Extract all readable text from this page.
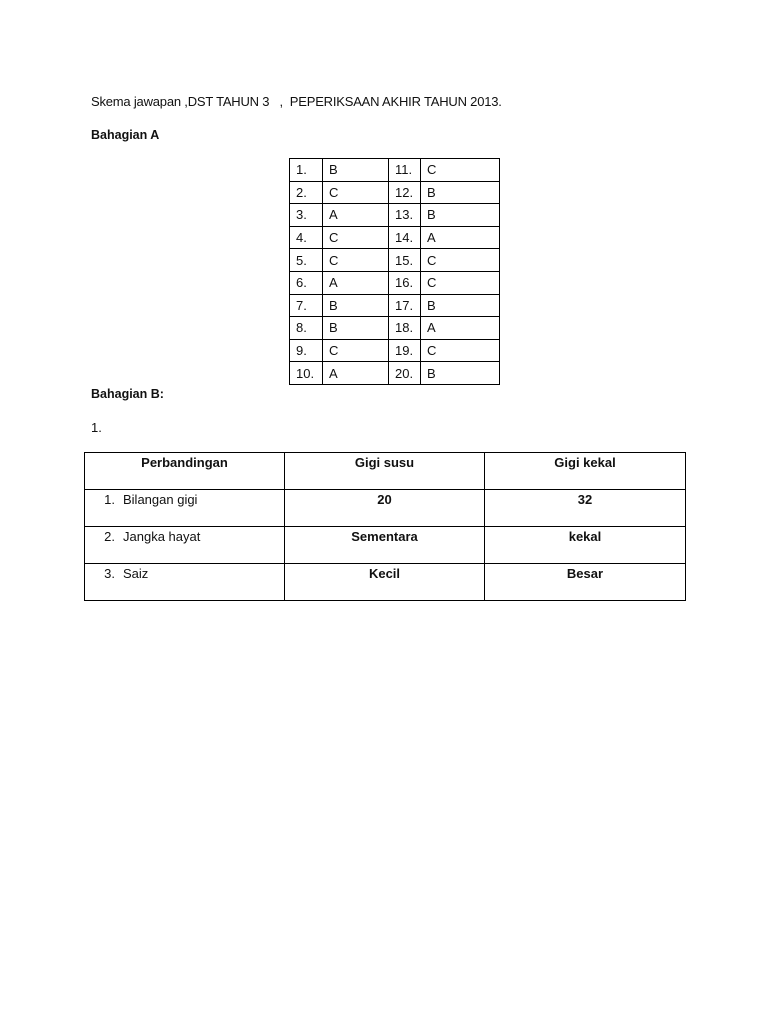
Skema jawapan ,DST TAHUN 3   ,  PEPERIKSAAN AKHIR TAHUN 2013.
Bahagian A
1.	B	11.	C
2.	C	12.	B
3.	A	13.	B
4.	C	14.	A
5.	C	15.	C
6.	A	16.	C
7.	B	17.	B
8.	B	18.	A
9.	C	19.	C
10.	A	20.	B
Bahagian B:
1.
Perbandingan	Gigi susu	Gigi kekal
1. Bilangan gigi	20	32
2. Jangka hayat	Sementara	kekal
3. Saiz	Kecil	Besar
